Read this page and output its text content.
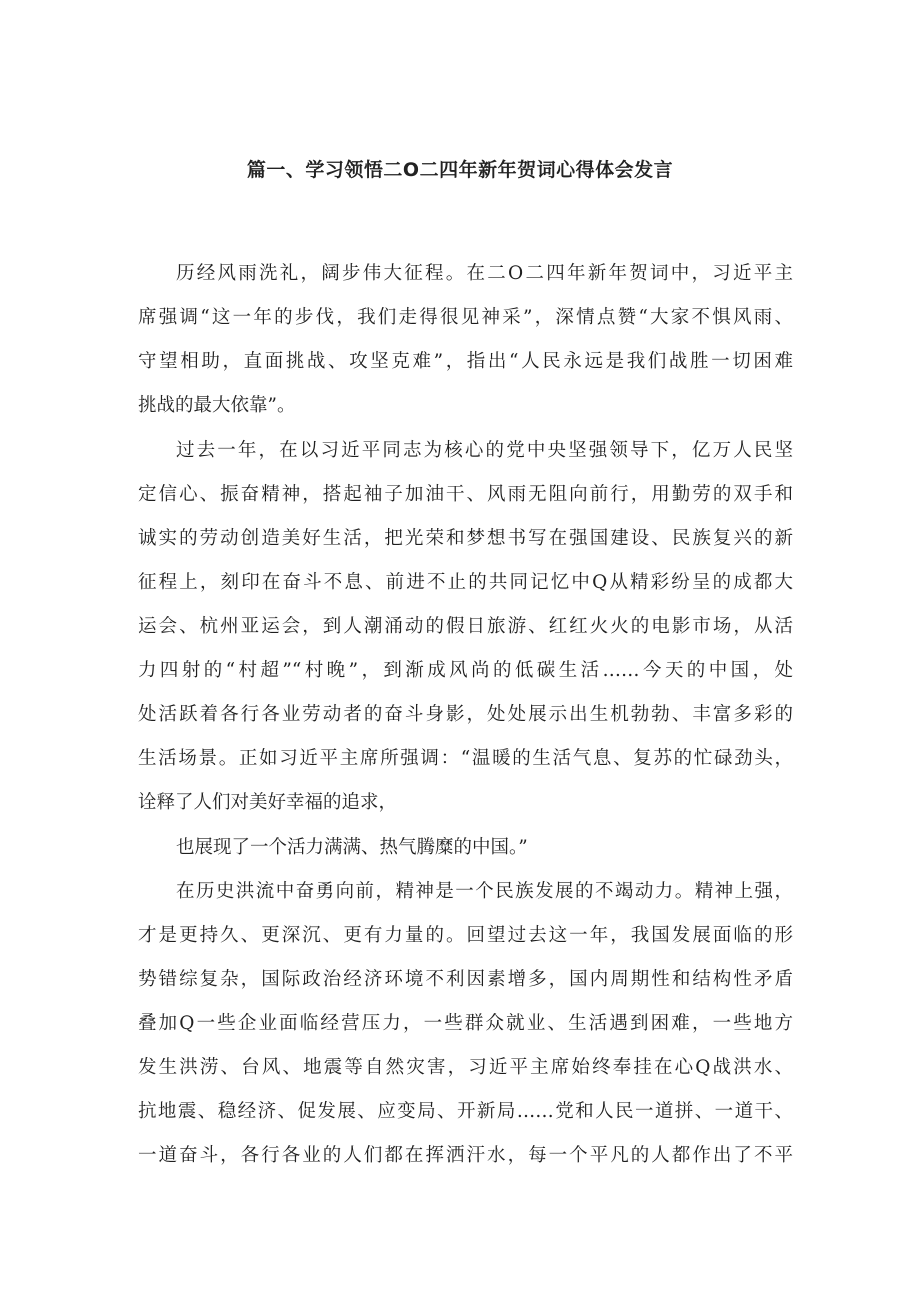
篇一、学习领悟二O二四年新年贺词心得体会发言
历经风雨洗礼，阔步伟大征程。在二O二四年新年贺词中，习近平主
席强调“这一年的步伐，我们走得很见神采”，深情点赞“大家不惧风雨、
守望相助，直面挑战、攻坚克难”，指出“人民永远是我们战胜一切困难
挑战的最大依靠”。
过去一年，在以习近平同志为核心的党中央坚强领导下，亿万人民坚
定信心、振奋精神，搭起袖子加油干、风雨无阻向前行，用勤劳的双手和
诚实的劳动创造美好生活，把光荣和梦想书写在强国建设、民族复兴的新
征程上，刻印在奋斗不息、前进不止的共同记忆中Q从精彩纷呈的成都大
运会、杭州亚运会，到人潮涌动的假日旅游、红红火火的电影市场，从活
力四射的“村超”“村晚”，到渐成风尚的低碳生活……今天的中国，处
处活跃着各行各业劳动者的奋斗身影，处处展示出生机勃勃、丰富多彩的
生活场景。正如习近平主席所强调：“温暖的生活气息、复苏的忙碌劲头，
诠释了人们对美好幸福的追求，
也展现了一个活力满满、热气腾糜的中国。”
在历史洪流中奋勇向前，精神是一个民族发展的不竭动力。精神上强，
才是更持久、更深沉、更有力量的。回望过去这一年，我国发展面临的形
势错综复杂，国际政治经济环境不利因素增多，国内周期性和结构性矛盾
叠加Q一些企业面临经营压力，一些群众就业、生活遇到困难，一些地方
发生洪涝、台风、地震等自然灾害，习近平主席始终奉挂在心Q战洪水、
抗地震、稳经济、促发展、应变局、开新局……党和人民一道拼、一道干、
一道奋斗，各行各业的人们都在挥洒汗水，每一个平凡的人都作出了不平
